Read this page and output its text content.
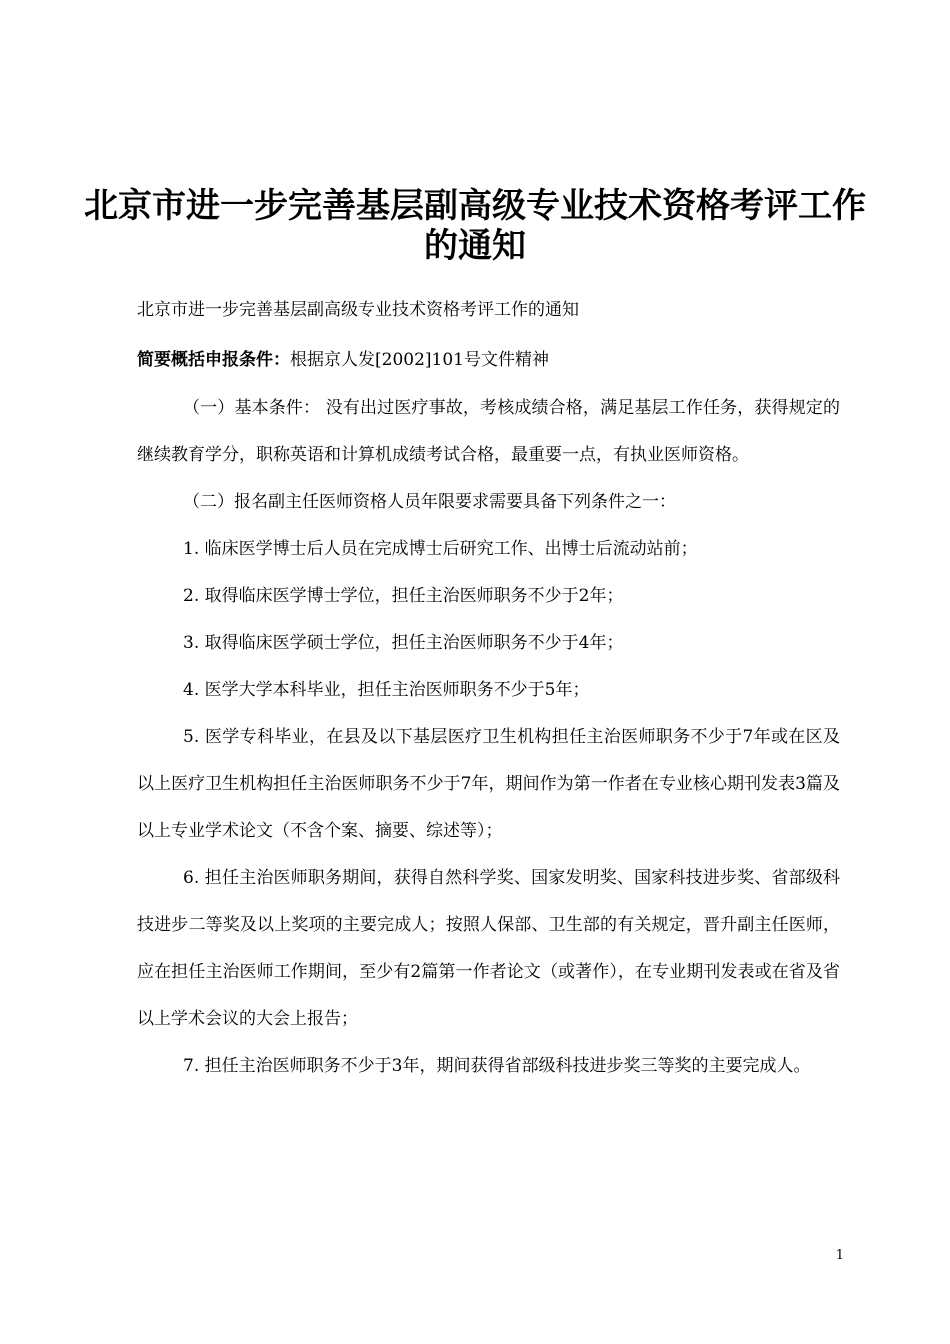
北京市进一步完善基层副高级专业技术资格考评工作的通知
北京市进一步完善基层副高级专业技术资格考评工作的通知
简要概括申报条件：根据京人发[2002]101号文件精神

（一）基本条件： 没有出过医疗事故，考核成绩合格，满足基层工作任务，获得规定的继续教育学分，职称英语和计算机成绩考试合格，最重要一点，有执业医师资格。

（二）报名副主任医师资格人员年限要求需要具备下列条件之一：

1. 临床医学博士后人员在完成博士后研究工作、出博士后流动站前；

2. 取得临床医学博士学位，担任主治医师职务不少于2年；

3. 取得临床医学硕士学位，担任主治医师职务不少于4年；

4. 医学大学本科毕业，担任主治医师职务不少于5年；

5. 医学专科毕业，在县及以下基层医疗卫生机构担任主治医师职务不少于7年或在区及以上医疗卫生机构担任主治医师职务不少于7年，期间作为第一作者在专业核心期刊发表3篇及以上专业学术论文（不含个案、摘要、综述等）；

6. 担任主治医师职务期间，获得自然科学奖、国家发明奖、国家科技进步奖、省部级科技进步二等奖及以上奖项的主要完成人；按照人保部、卫生部的有关规定，晋升副主任医师，应在担任主治医师工作期间，至少有2篇第一作者论文（或著作），在专业期刊发表或在省及省以上学术会议的大会上报告；

7. 担任主治医师职务不少于3年，期间获得省部级科技进步奖三等奖的主要完成人。

1
